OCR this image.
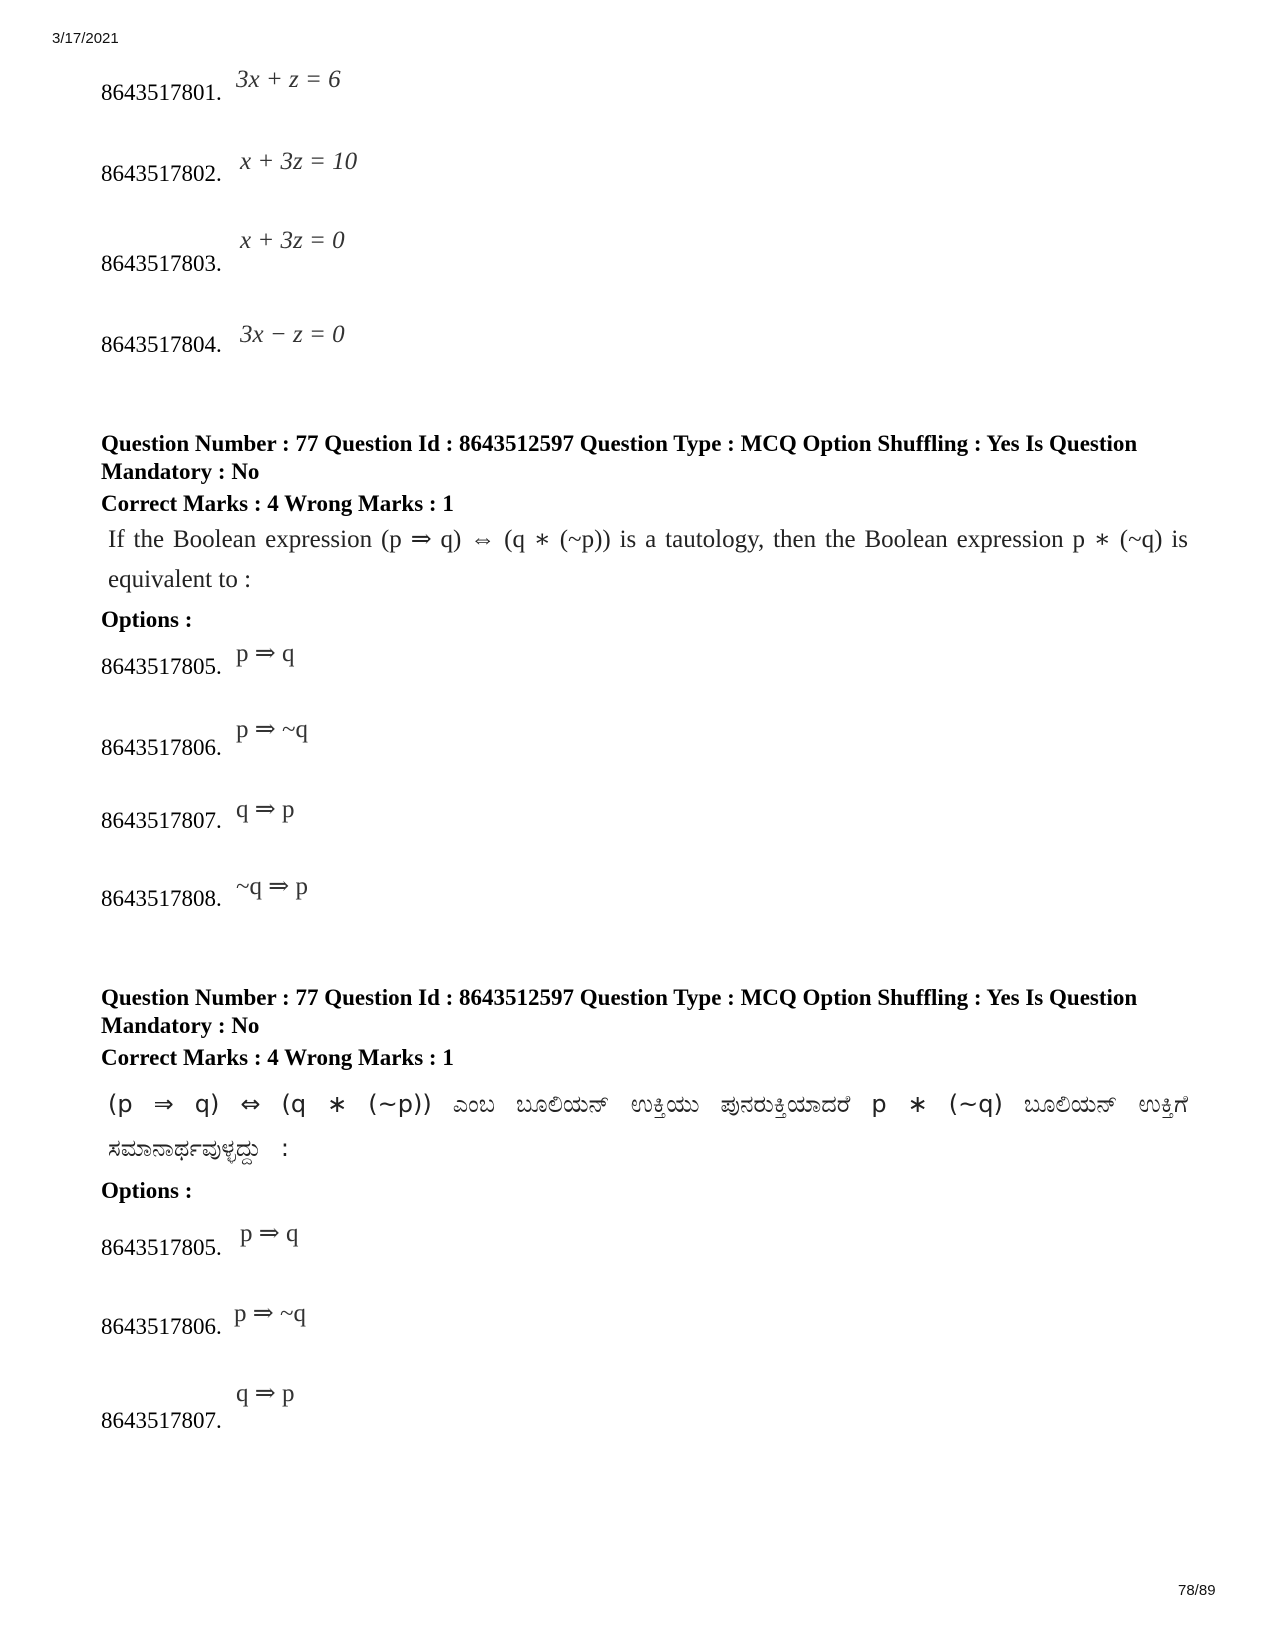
3/17/2021
8643517801. 3x + z = 6
8643517802. x + 3z = 10
8643517803.
x + 3z = 0
8643517804. 3x − z = 0
Question Number : 77 Question Id : 8643512597 Question Type : MCQ Option Shuffling : Yes Is Question Mandatory : No
Correct Marks : 4 Wrong Marks : 1
If the Boolean expression (p ⇒ q) ⇔ (q ∗ (~p)) is a tautology, then the Boolean expression p ∗ (~q) is equivalent to :
Options :
8643517805. p ⇒ q
8643517806.
p ⇒ ~q
8643517807. q ⇒ p
8643517808. ~q ⇒ p
Question Number : 77 Question Id : 8643512597 Question Type : MCQ Option Shuffling : Yes Is Question Mandatory : No
Correct Marks : 4 Wrong Marks : 1
(p ⇒ q) ⇔ (q ∗ (~p)) ಎಂಬ ಬೂಲಿಯನ್ ಉಕ್ತಿಯು ಪುನರುಕ್ತಿಯಾದರೆ p ∗ (~q) ಬೂಲಿಯನ್ ಉಕ್ತಿಗೆ ಸಮಾನಾರ್ಥವುಳ್ಳದ್ದು :
Options :
8643517805.
p ⇒ q
8643517806. p ⇒ ~q
8643517807.
q ⇒ p
78/89
